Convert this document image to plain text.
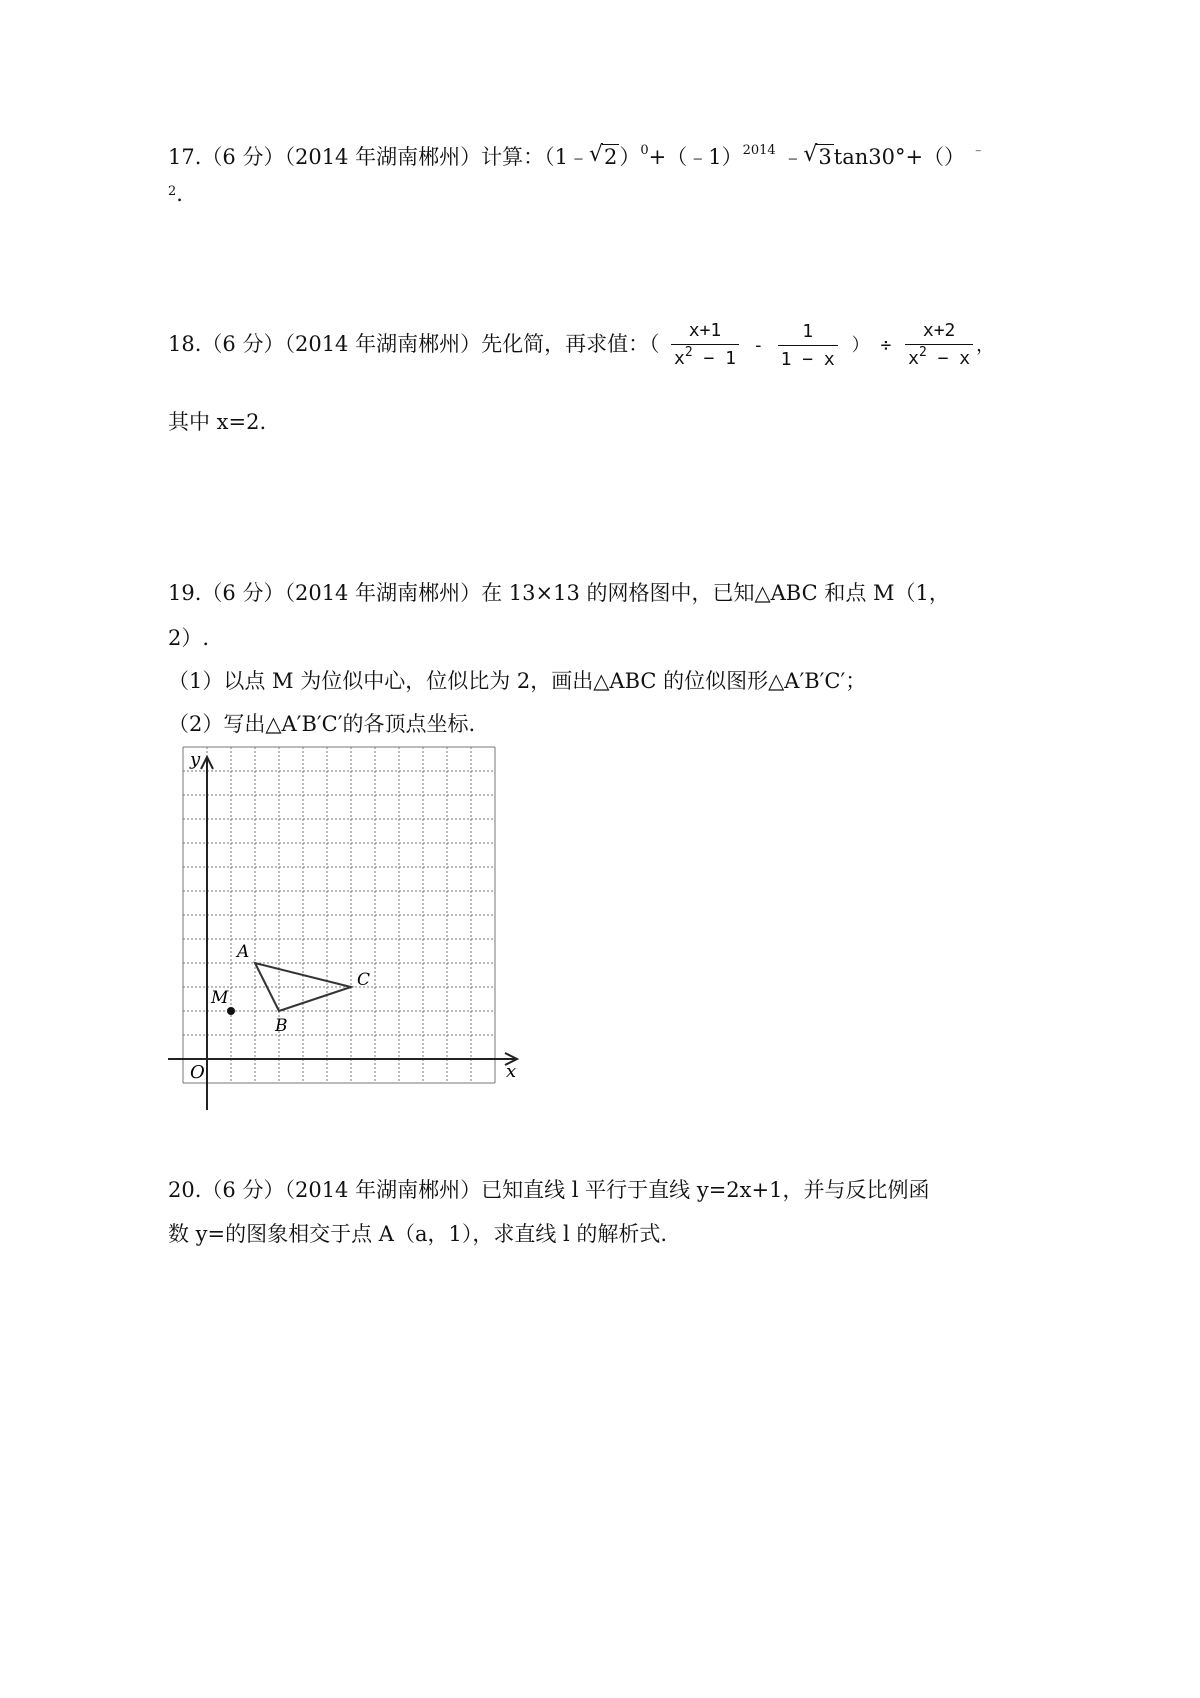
17.（6 分）（2014 年湖南郴州）计算：（1﹣ √ 2）$^0$+（﹣1）$^{2014}$ ﹣ √ 3tan30°+（） ﹣
$^2$.
18.（6 分）（2014 年湖南郴州）先化简，再求值：（ $\frac{x+1}{x^2 - 1} - \frac{1}{1 - x}$ ） ÷ $\frac{x+2}{x^2 - x}$ ，
其中 x=2.
19.（6 分）（2014 年湖南郴州）在 13×13 的网格图中，已知△ABC 和点 M（1，
2）.
（1）以点 M 为位似中心，位似比为 2，画出△ABC 的位似图形△A′B′C′；
（2）写出△A′B′C′的各顶点坐标.
y
x
O
A
B
C
M
20.（6 分）（2014 年湖南郴州）已知直线 l 平行于直线 y=2x+1，并与反比例函
数 y=的图象相交于点 A（a，1），求直线 l 的解析式.
